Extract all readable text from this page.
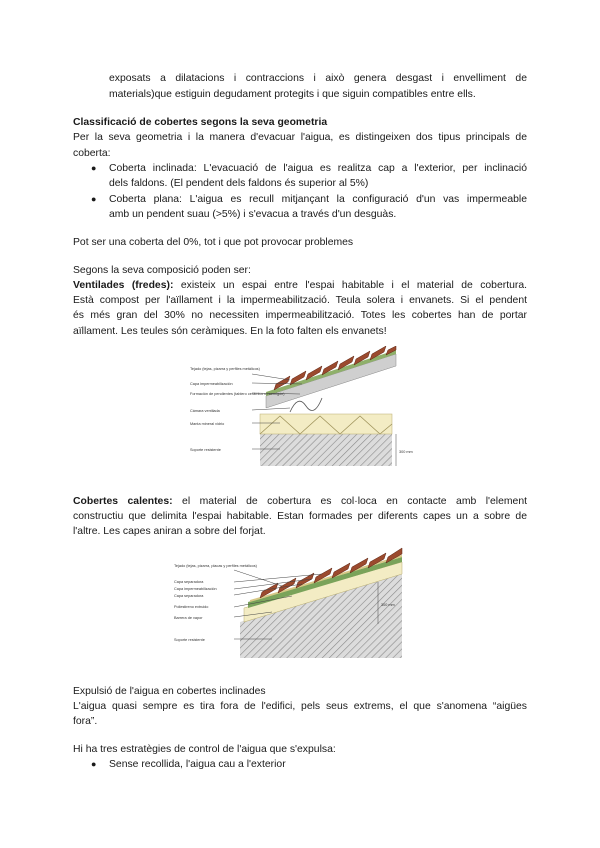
exposats a dilatacions i contraccions i això genera desgast i envelliment de
materials)que estiguin degudament protegits i que siguin compatibles entre ells.
Classificació de cobertes segons la seva geometria
Per la seva geometria i la manera d'evacuar l'aigua, es distingeixen dos tipus principals de
coberta:
● Coberta inclinada: L'evacuació de l'aigua es realitza cap a l'exterior, per inclinació
dels faldons. (El pendent dels faldons és superior al 5%)
● Coberta plana: L'aigua es recull mitjançant la configuració d'un vas impermeable
amb un pendent suau (>5%) i s'evacua a través d'un desguàs.
Pot ser una coberta del 0%, tot i que pot provocar problemes
Segons la seva composició poden ser:
Ventilades (fredes): existeix un espai entre l'espai habitable i el material de cobertura.
Està compost per l'aïllament i la impermeabilització. Teula solera i envanets. Si el pendent
és més gran del 30% no necessiten impermeabilització. Totes les cobertes han de portar
aïllament. Les teules són ceràmiques. En la foto falten els envanets!
Tejado (tejas, pizarra y perfiles metálicos)
Capa impermeabilización
Formación de pendientes (tablero cerámico u hormigón)
Cámara ventilada
Manta mineral vidrio
Soporte resistente	300 mm
Cobertes calentes: el material de cobertura es col·loca en contacte amb l'element
constructiu que delimita l'espai habitable. Estan formades per diferents capes un a sobre de
l'altre. Les capes aniran a sobre del forjat.
Tejado (tejas, pizarra, placas y perfiles metálicos)
Capa separadora
Capa impermeabilización
Capa separadora
Poliestireno extruido
Barrera de vapor
Soporte resistente
300 mm
Expulsió de l'aigua en cobertes inclinades
L'aigua quasi sempre es tira fora de l'edifici, pels seus extrems, el que s'anomena “aigües
fora”.
Hi ha tres estratègies de control de l'aigua que s'expulsa:
● Sense recollida, l'aigua cau a l'exterior
